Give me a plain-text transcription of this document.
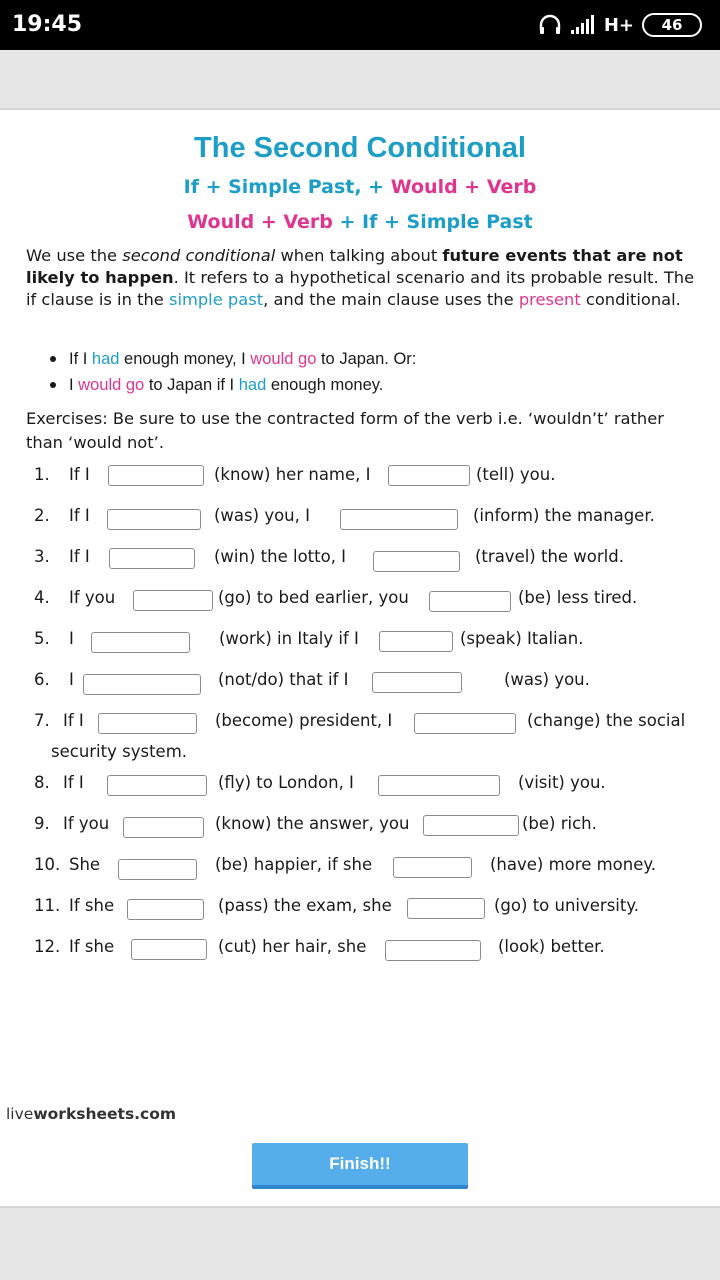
19:45	H+	46
The Second Conditional
If + Simple Past, + Would + Verb
Would + Verb + If + Simple Past
We use the second conditional when talking about future events that are not likely to happen. It refers to a hypothetical scenario and its probable result. The if clause is in the simple past, and the main clause uses the present conditional.
If I had enough money, I would go to Japan. Or:
I would go to Japan if I had enough money.
Exercises: Be sure to use the contracted form of the verb i.e. ‘wouldn’t’ rather than ‘would not’.
1. If I	(know) her name, I	(tell) you.
2. If I	(was) you, I	(inform) the manager.
3. If I	(win) the lotto, I	(travel) the world.
4. If you	(go) to bed earlier, you	(be) less tired.
5. I	(work) in Italy if I	(speak) Italian.
6. I	(not/do) that if I	(was) you.
7. If I	(become) president, I	(change) the social
security system.
8. If I	(fly) to London, I	(visit) you.
9. If you	(know) the answer, you	(be) rich.
10. She	(be) happier, if she	(have) more money.
11. If she	(pass) the exam, she	(go) to university.
12. If she	(cut) her hair, she	(look) better.
liveworksheets.com
Finish!!
